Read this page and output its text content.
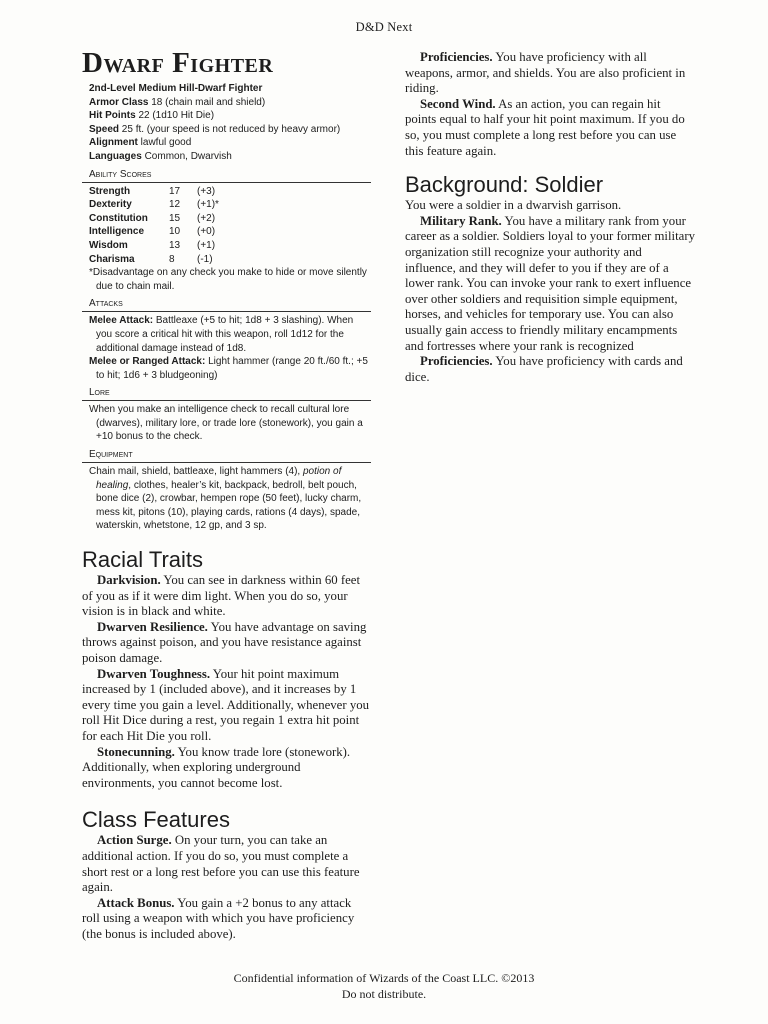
D&D Next
Dwarf Fighter
2nd-Level Medium Hill-Dwarf Fighter
Armor Class 18 (chain mail and shield)
Hit Points 22 (1d10 Hit Die)
Speed 25 ft. (your speed is not reduced by heavy armor)
Alignment lawful good
Languages Common, Dwarvish
Ability Scores
Strength	17	(+3)
Dexterity	12	(+1)*
Constitution	15	(+2)
Intelligence	10	(+0)
Wisdom	13	(+1)
Charisma	8	(-1)
*Disadvantage on any check you make to hide or move silently due to chain mail.
Attacks
Melee Attack: Battleaxe (+5 to hit; 1d8 + 3 slashing). When you score a critical hit with this weapon, roll 1d12 for the additional damage instead of 1d8.
Melee or Ranged Attack: Light hammer (range 20 ft./60 ft.; +5 to hit; 1d6 + 3 bludgeoning)
Lore
When you make an intelligence check to recall cultural lore (dwarves), military lore, or trade lore (stonework), you gain a +10 bonus to the check.
Equipment
Chain mail, shield, battleaxe, light hammers (4), potion of healing, clothes, healer’s kit, backpack, bedroll, belt pouch, bone dice (2), crowbar, hempen rope (50 feet), lucky charm, mess kit, pitons (10), playing cards, rations (4 days), spade, waterskin, whetstone, 12 gp, and 3 sp.
Racial Traits

Darkvision. You can see in darkness within 60 feet of you as if it were dim light. When you do so, your vision is in black and white.

Dwarven Resilience. You have advantage on saving throws against poison, and you have resistance against poison damage.

Dwarven Toughness. Your hit point maximum increased by 1 (included above), and it increases by 1 every time you gain a level. Additionally, whenever you roll Hit Dice during a rest, you regain 1 extra hit point for each Hit Die you roll.

Stonecunning. You know trade lore (stonework). Additionally, when exploring underground environments, you cannot become lost.

Class Features

Action Surge. On your turn, you can take an additional action. If you do so, you must complete a short rest or a long rest before you can use this feature again.

Attack Bonus. You gain a +2 bonus to any attack roll using a weapon with which you have proficiency (the bonus is included above).

Proficiencies. You have proficiency with all weapons, armor, and shields. You are also proficient in riding.

Second Wind. As an action, you can regain hit points equal to half your hit point maximum. If you do so, you must complete a long rest before you can use this feature again.

Background: Soldier

You were a soldier in a dwarvish garrison.

Military Rank. You have a military rank from your career as a soldier. Soldiers loyal to your former military organization still recognize your authority and influence, and they will defer to you if they are of a lower rank. You can invoke your rank to exert influence over other soldiers and requisition simple equipment, horses, and vehicles for temporary use. You can also usually gain access to friendly military encampments and fortresses where your rank is recognized

Proficiencies. You have proficiency with cards and dice.

Confidential information of Wizards of the Coast LLC. ©2013
Do not distribute.
